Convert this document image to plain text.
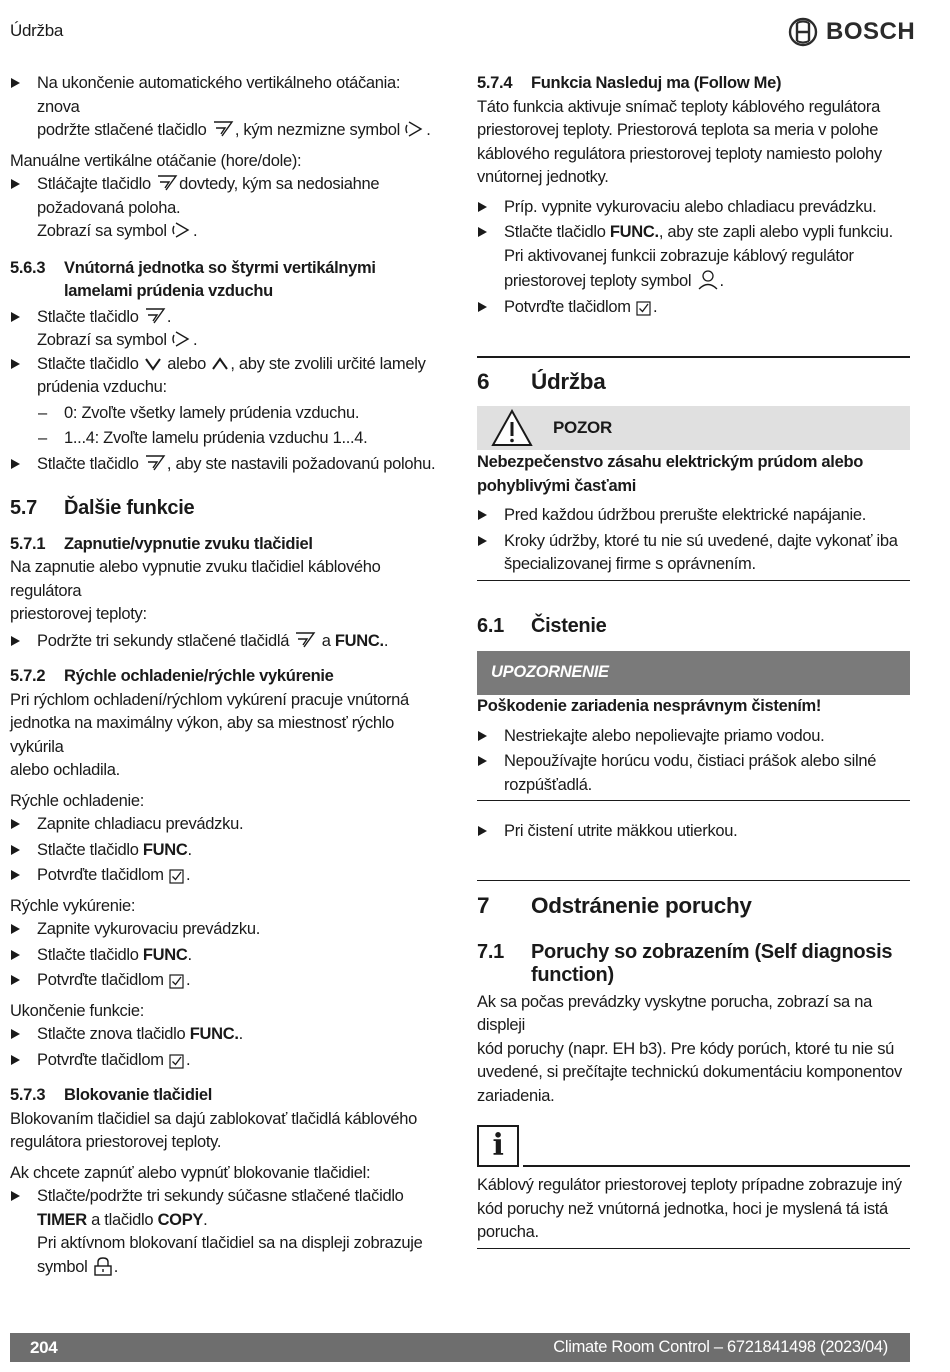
Údržba	BOSCH
Na ukončenie automatického vertikálneho otáčania: znova
podržte stlačené tlačidlo , kým nezmizne symbol .
Manuálne vertikálne otáčanie (hore/dole):
Stláčajte tlačidlo dovtedy, kým sa nedosiahne
požadovaná poloha.
Zobrazí sa symbol .
5.6.3	Vnútorná jednotka so štyrmi vertikálnymi lamelami prúdenia vzduchu
Stlačte tlačidlo .
Zobrazí sa symbol .
Stlačte tlačidlo alebo , aby ste zvolili určité lamely
prúdenia vzduchu:
– 0: Zvoľte všetky lamely prúdenia vzduchu.
– 1...4: Zvoľte lamelu prúdenia vzduchu 1...4.
Stlačte tlačidlo , aby ste nastavili požadovanú polohu.
5.7	Ďalšie funkcie
5.7.1	Zapnutie/vypnutie zvuku tlačidiel
Na zapnutie alebo vypnutie zvuku tlačidiel káblového regulátora
priestorovej teploty:
Podržte tri sekundy stlačené tlačidlá a FUNC..
5.7.2	Rýchle ochladenie/rýchle vykúrenie
Pri rýchlom ochladení/rýchlom vykúrení pracuje vnútorná
jednotka na maximálny výkon, aby sa miestnosť rýchlo vykúrila
alebo ochladila.
Rýchle ochladenie:
Zapnite chladiacu prevádzku.
Stlačte tlačidlo FUNC.
Potvrďte tlačidlom .
Rýchle vykúrenie:
Zapnite vykurovaciu prevádzku.
Stlačte tlačidlo FUNC.
Potvrďte tlačidlom .
Ukončenie funkcie:
Stlačte znova tlačidlo FUNC..
Potvrďte tlačidlom .
5.7.3	Blokovanie tlačidiel
Blokovaním tlačidiel sa dajú zablokovať tlačidlá káblového
regulátora priestorovej teploty.
Ak chcete zapnúť alebo vypnúť blokovanie tlačidiel:
Stlačte/podržte tri sekundy súčasne stlačené tlačidlo
TIMER a tlačidlo COPY.
Pri aktívnom blokovaní tlačidiel sa na displeji zobrazuje
symbol .
5.7.4	Funkcia Nasleduj ma (Follow Me)
Táto funkcia aktivuje snímač teploty káblového regulátora
priestorovej teploty. Priestorová teplota sa meria v polohe
káblového regulátora priestorovej teploty namiesto polohy
vnútornej jednotky.
Príp. vypnite vykurovaciu alebo chladiacu prevádzku.
Stlačte tlačidlo FUNC., aby ste zapli alebo vypli funkciu.
Pri aktivovanej funkcii zobrazuje káblový regulátor
priestorovej teploty symbol .
Potvrďte tlačidlom .
6	Údržba
POZOR
Nebezpečenstvo zásahu elektrickým prúdom alebo
pohyblivými časťami
Pred každou údržbou prerušte elektrické napájanie.
Kroky údržby, ktoré tu nie sú uvedené, dajte vykonať iba
špecializovanej firme s oprávnením.
6.1	Čistenie
UPOZORNENIE
Poškodenie zariadenia nesprávnym čistením!
Nestriekajte alebo nepolievajte priamo vodou.
Nepoužívajte horúcu vodu, čistiaci prášok alebo silné
rozpúšťadlá.
Pri čistení utrite mäkkou utierkou.
7	Odstránenie poruchy
7.1	Poruchy so zobrazením (Self diagnosis
function)
Ak sa počas prevádzky vyskytne porucha, zobrazí sa na displeji
kód poruchy (napr. EH b3). Pre kódy porúch, ktoré tu nie sú
uvedené, si prečítajte technickú dokumentáciu komponentov
zariadenia.
i
Káblový regulátor priestorovej teploty prípadne zobrazuje iný
kód poruchy než vnútorná jednotka, hoci je myslená tá istá
porucha.
204	Climate Room Control – 6721841498 (2023/04)
